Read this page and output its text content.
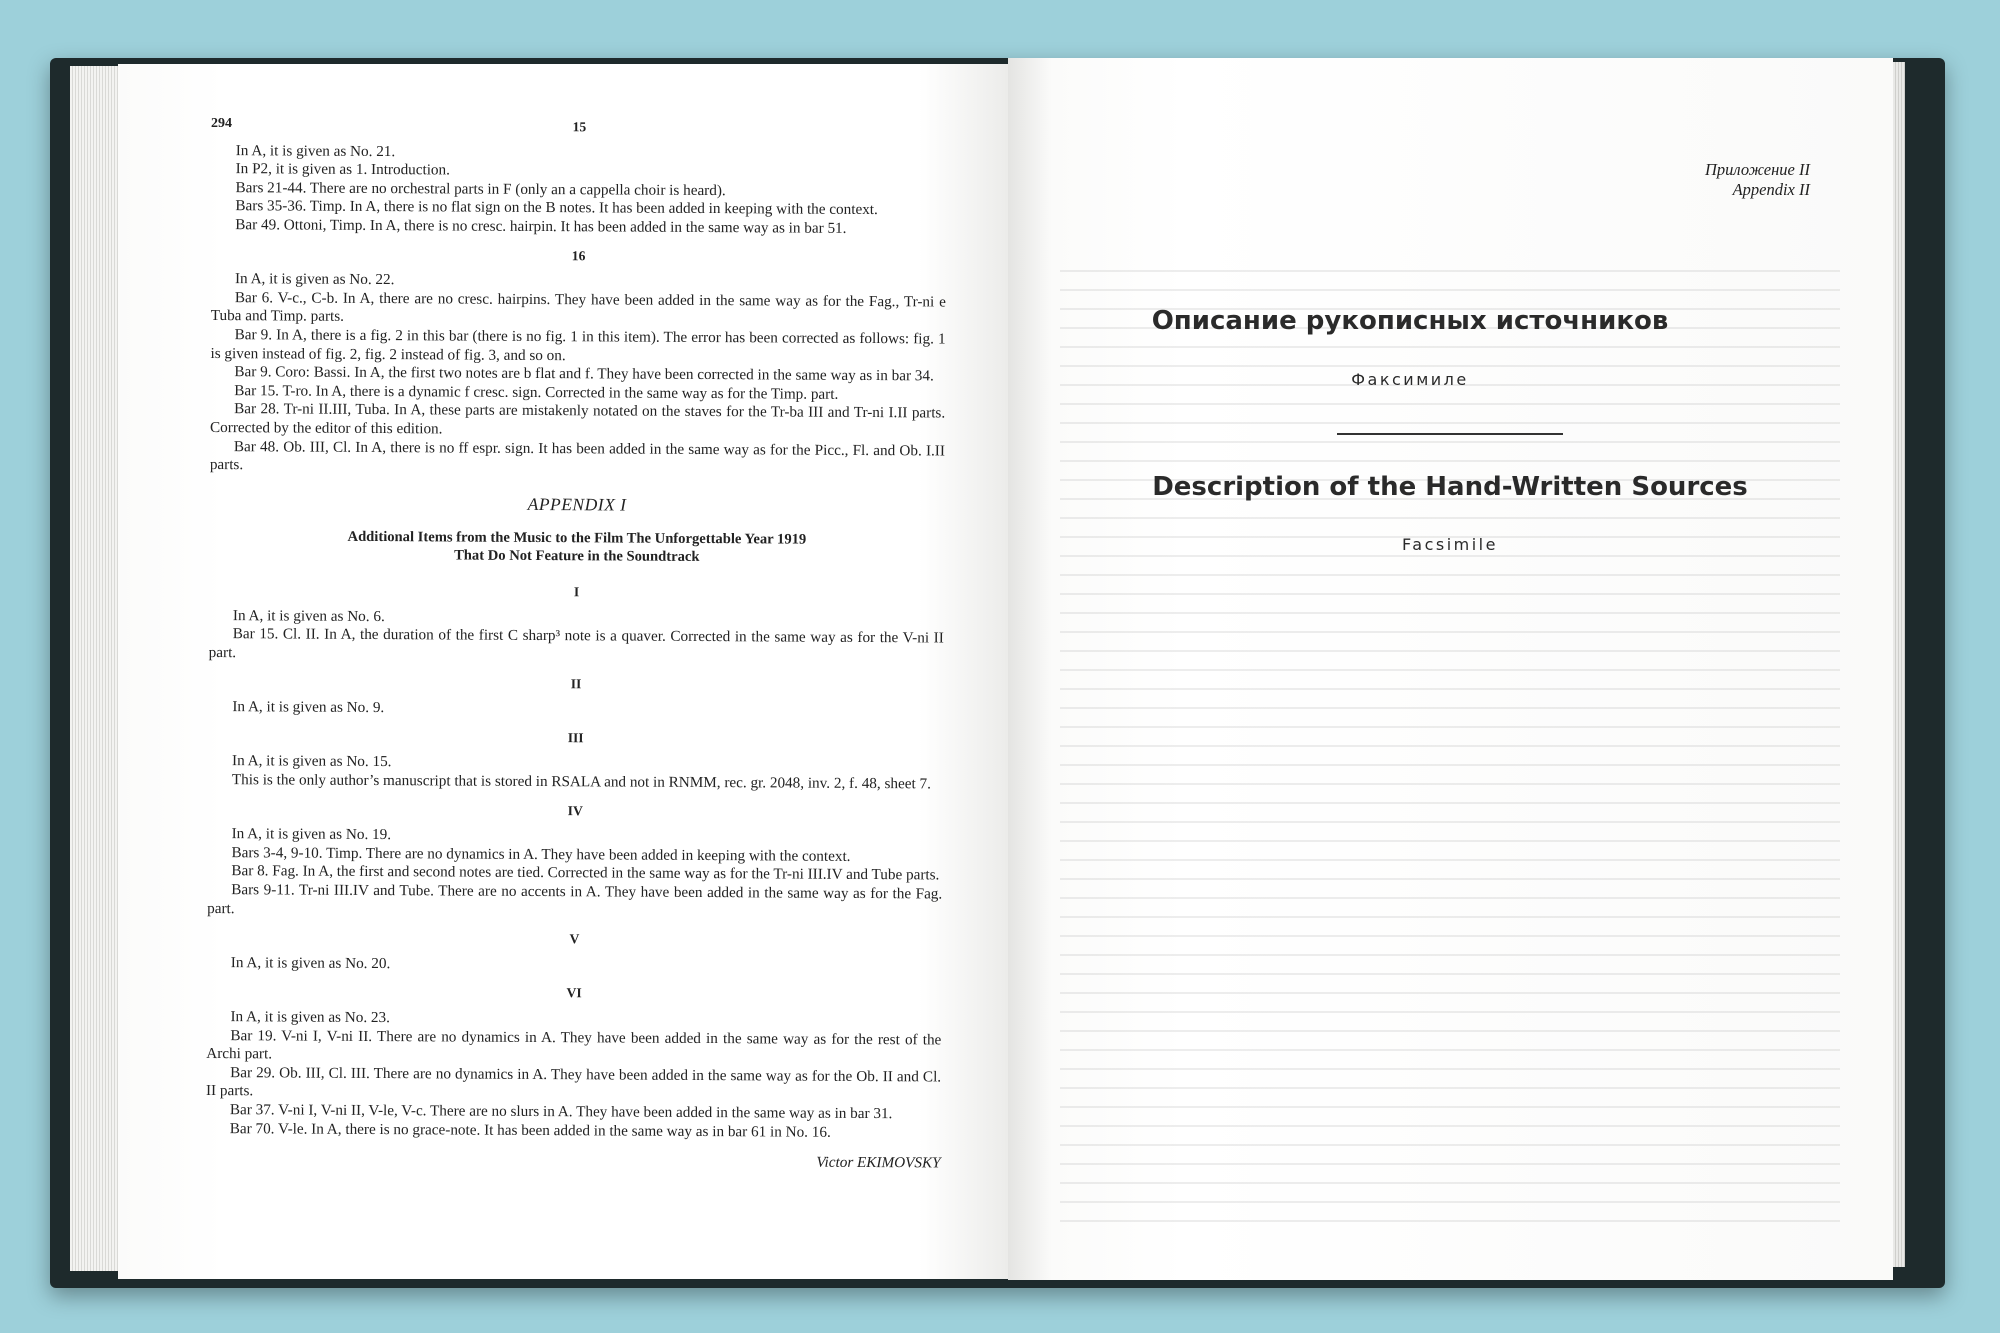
294	15

In A, it is given as No. 21.

In P2, it is given as 1. Introduction.

Bars 21-44. There are no orchestral parts in F (only an a cappella choir is heard).

Bars 35-36. Timp. In A, there is no flat sign on the B notes. It has been added in keeping with the context.

Bar 49. Ottoni, Timp. In A, there is no cresc. hairpin. It has been added in the same way as in bar 51.

16

In A, it is given as No. 22.

Bar 6. V-c., C-b. In A, there are no cresc. hairpins. They have been added in the same way as for the Fag., Tr-ni e Tuba and Timp. parts.

Bar 9. In A, there is a fig. 2 in this bar (there is no fig. 1 in this item). The error has been corrected as follows: fig. 1 is given instead of fig. 2, fig. 2 instead of fig. 3, and so on.

Bar 9. Coro: Bassi. In A, the first two notes are b flat and f. They have been corrected in the same way as in bar 34.

Bar 15. T-ro. In A, there is a dynamic f cresc. sign. Corrected in the same way as for the Timp. part.

Bar 28. Tr-ni II.III, Tuba. In A, these parts are mistakenly notated on the staves for the Tr-ba III and Tr-ni I.II parts. Corrected by the editor of this edition.

Bar 48. Ob. III, Cl. In A, there is no ff espr. sign. It has been added in the same way as for the Picc., Fl. and Ob. I.II parts.

APPENDIX I
Additional Items from the Music to the Film The Unforgettable Year 1919
That Do Not Feature in the Soundtrack
I

In A, it is given as No. 6.

Bar 15. Cl. II. In A, the duration of the first C sharp³ note is a quaver. Corrected in the same way as for the V-ni II part.

II

In A, it is given as No. 9.

III

In A, it is given as No. 15.

This is the only author’s manuscript that is stored in RSALA and not in RNMM, rec. gr. 2048, inv. 2, f. 48, sheet 7.

IV

In A, it is given as No. 19.

Bars 3-4, 9-10. Timp. There are no dynamics in A. They have been added in keeping with the context.

Bar 8. Fag. In A, the first and second notes are tied. Corrected in the same way as for the Tr-ni III.IV and Tube parts.

Bars 9-11. Tr-ni III.IV and Tube. There are no accents in A. They have been added in the same way as for the Fag. part.

V

In A, it is given as No. 20.

VI

In A, it is given as No. 23.

Bar 19. V-ni I, V-ni II. There are no dynamics in A. They have been added in the same way as for the rest of the Archi part.

Bar 29. Ob. III, Cl. III. There are no dynamics in A. They have been added in the same way as for the Ob. II and Cl. II parts.

Bar 37. V-ni I, V-ni II, V-le, V-c. There are no slurs in A. They have been added in the same way as in bar 31.

Bar 70. V-le. In A, there is no grace-note. It has been added in the same way as in bar 61 in No. 16.

Victor EKIMOVSKY
Приложение II
Appendix II
Описание рукописных источников
Факсимиле
Description of the Hand-Written Sources
Facsimile
